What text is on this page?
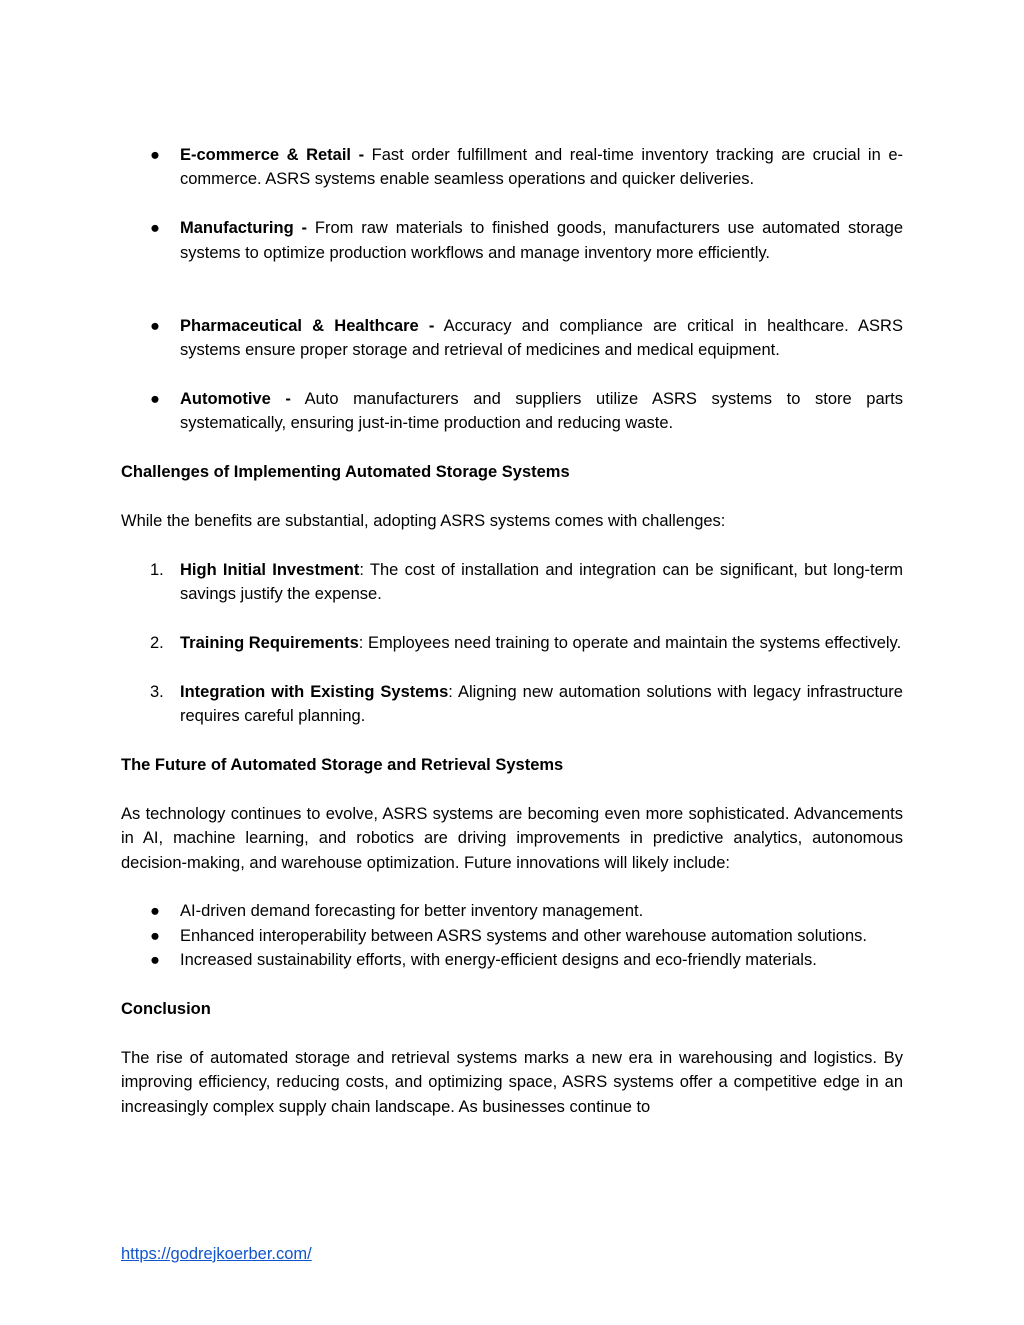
● E-commerce & Retail - Fast order fulfillment and real-time inventory tracking are crucial in e-commerce. ASRS systems enable seamless operations and quicker deliveries.
● Manufacturing - From raw materials to finished goods, manufacturers use automated storage systems to optimize production workflows and manage inventory more efficiently.
● Pharmaceutical & Healthcare - Accuracy and compliance are critical in healthcare. ASRS systems ensure proper storage and retrieval of medicines and medical equipment.
● Automotive - Auto manufacturers and suppliers utilize ASRS systems to store parts systematically, ensuring just-in-time production and reducing waste.

Challenges of Implementing Automated Storage Systems

While the benefits are substantial, adopting ASRS systems comes with challenges:

1. High Initial Investment: The cost of installation and integration can be significant, but long-term savings justify the expense.
2. Training Requirements: Employees need training to operate and maintain the systems effectively.
3. Integration with Existing Systems: Aligning new automation solutions with legacy infrastructure requires careful planning.

The Future of Automated Storage and Retrieval Systems

As technology continues to evolve, ASRS systems are becoming even more sophisticated. Advancements in AI, machine learning, and robotics are driving improvements in predictive analytics, autonomous decision-making, and warehouse optimization. Future innovations will likely include:

● AI-driven demand forecasting for better inventory management.
● Enhanced interoperability between ASRS systems and other warehouse automation solutions.
● Increased sustainability efforts, with energy-efficient designs and eco-friendly materials.

Conclusion

The rise of automated storage and retrieval systems marks a new era in warehousing and logistics. By improving efficiency, reducing costs, and optimizing space, ASRS systems offer a competitive edge in an increasingly complex supply chain landscape. As businesses continue to

https://godrejkoerber.com/
